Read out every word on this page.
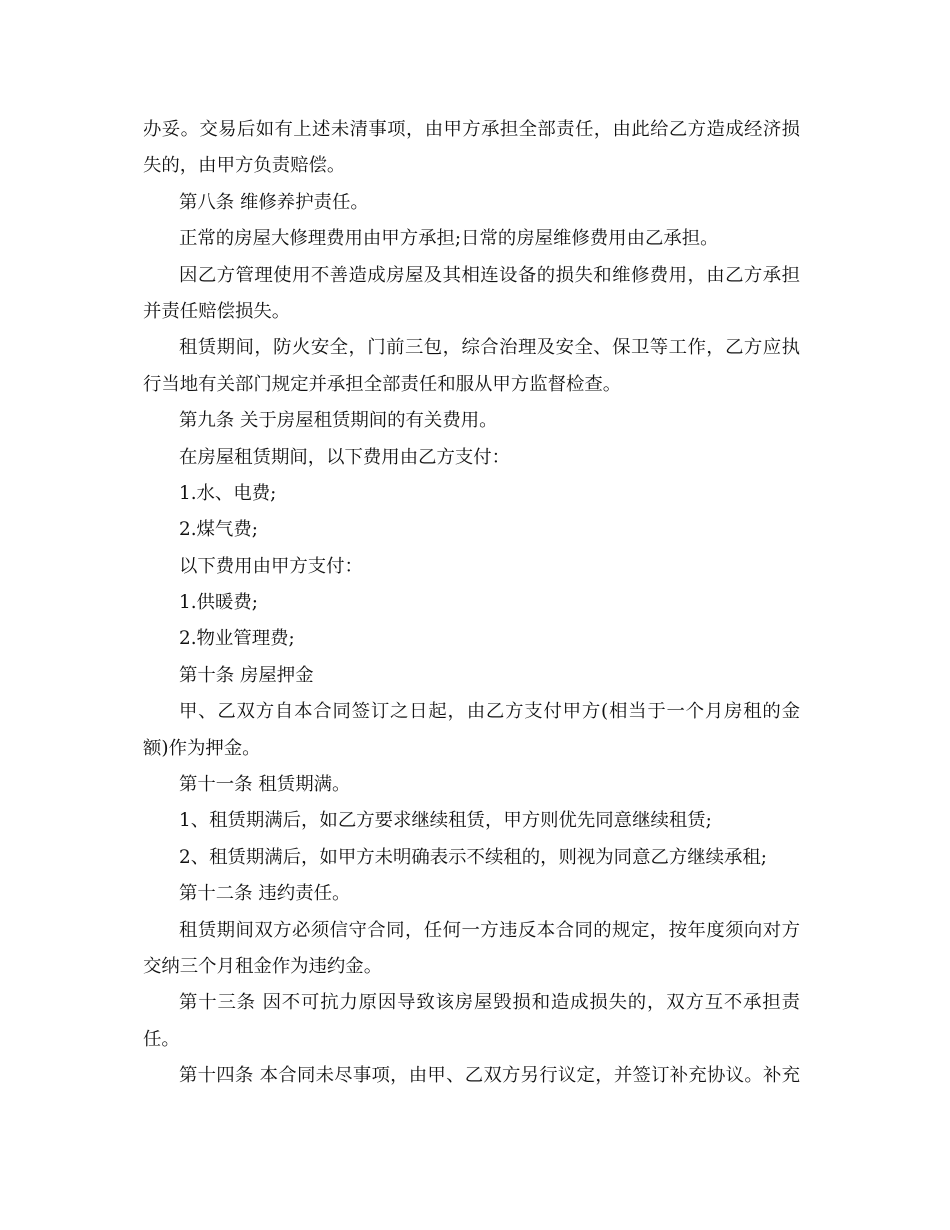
办妥。交易后如有上述未清事项，由甲方承担全部责任，由此给乙方造成经济损
失的，由甲方负责赔偿。
第八条 维修养护责任。
正常的房屋大修理费用由甲方承担;日常的房屋维修费用由乙承担。
因乙方管理使用不善造成房屋及其相连设备的损失和维修费用，由乙方承担
并责任赔偿损失。
租赁期间，防火安全，门前三包，综合治理及安全、保卫等工作，乙方应执
行当地有关部门规定并承担全部责任和服从甲方监督检查。
第九条 关于房屋租赁期间的有关费用。
在房屋租赁期间，以下费用由乙方支付：
1.水、电费;
2.煤气费;
以下费用由甲方支付：
1.供暖费;
2.物业管理费;
第十条 房屋押金
甲、乙双方自本合同签订之日起，由乙方支付甲方(相当于一个月房租的金
额)作为押金。
第十一条 租赁期满。
1、租赁期满后，如乙方要求继续租赁，甲方则优先同意继续租赁;
2、租赁期满后，如甲方未明确表示不续租的，则视为同意乙方继续承租;
第十二条 违约责任。
租赁期间双方必须信守合同，任何一方违反本合同的规定，按年度须向对方
交纳三个月租金作为违约金。
第十三条 因不可抗力原因导致该房屋毁损和造成损失的，双方互不承担责
任。
第十四条 本合同未尽事项，由甲、乙双方另行议定，并签订补充协议。补充
